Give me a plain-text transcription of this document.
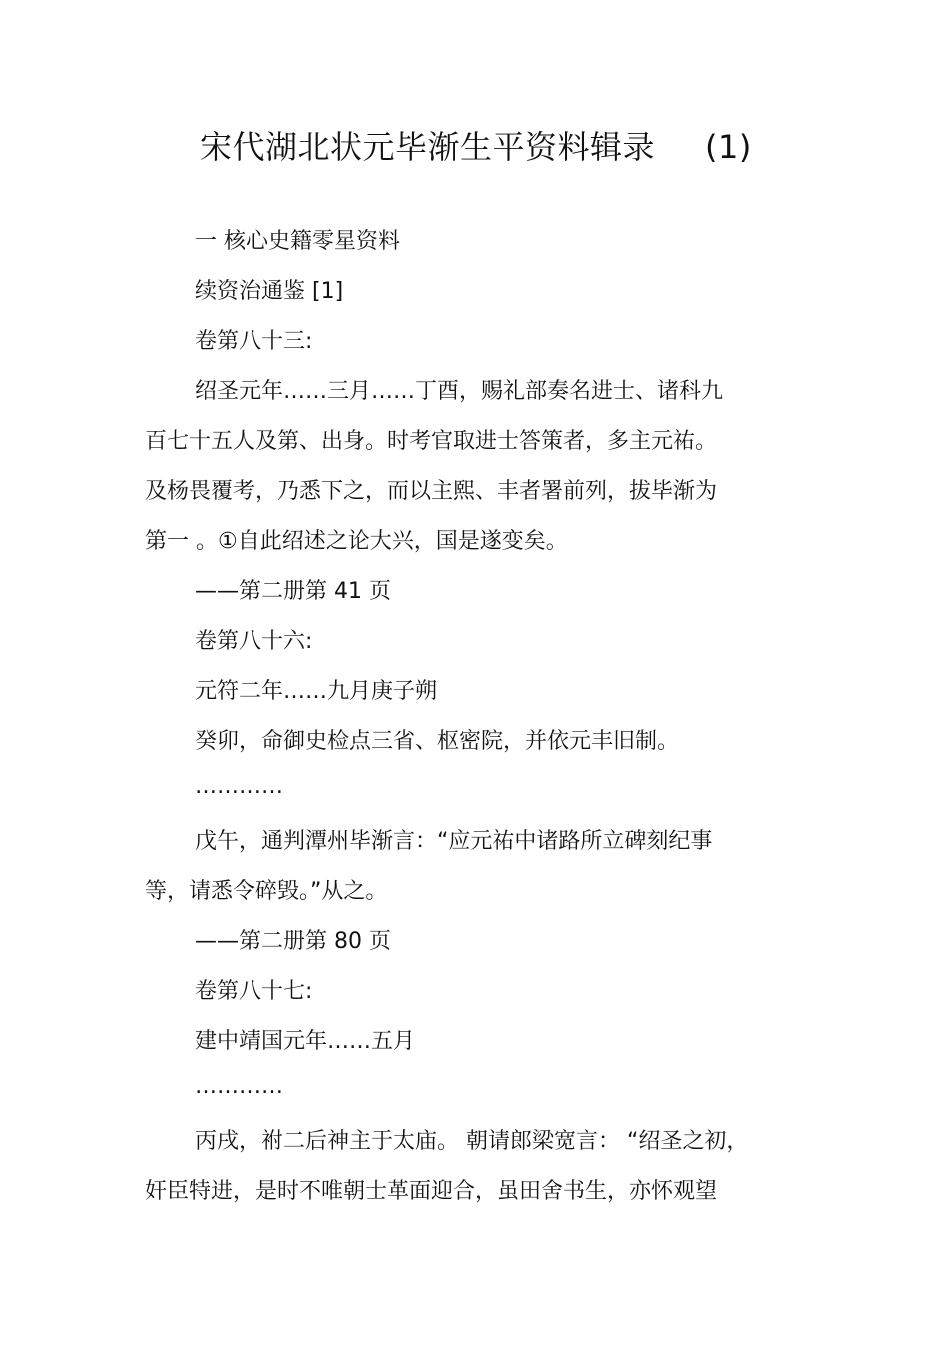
宋代湖北状元毕渐生平资料辑录 (1)
一 核心史籍零星资料
续资治通鉴 [1]
卷第八十三:
绍圣元年……三月……丁酉，赐礼部奏名进士、诸科九
百七十五人及第、出身。时考官取进士答策者，多主元祐。
及杨畏覆考，乃悉下之，而以主熙、丰者署前列，拔毕渐为
第一 。①自此绍述之论大兴，国是遂变矣。
——第二册第 41 页
卷第八十六:
元符二年……九月庚子朔
癸卯，命御史检点三省、枢密院，并依元丰旧制。
…………
戊午，通判潭州毕渐言：“应元祐中诸路所立碑刻纪事
等，请悉令碎毁。”从之。
——第二册第 80 页
卷第八十七:
建中靖国元年……五月
…………
丙戌，祔二后神主于太庙。 朝请郎梁宽言： “绍圣之初，
奸臣特进，是时不唯朝士革面迎合，虽田舍书生，亦怀观望
